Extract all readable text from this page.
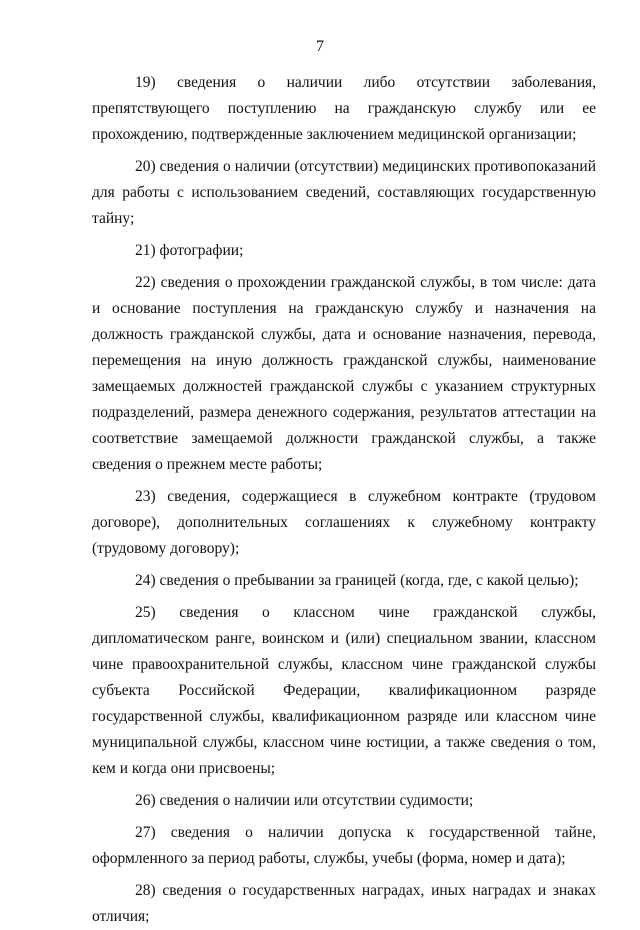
7

19) сведения о наличии либо отсутствии заболевания, препятствующего поступлению на гражданскую службу или ее прохождению, подтвержденные заключением медицинской организации;

20) сведения о наличии (отсутствии) медицинских противопоказаний для работы с использованием сведений, составляющих государственную тайну;

21) фотографии;

22) сведения о прохождении гражданской службы, в том числе: дата и основание поступления на гражданскую службу и назначения на должность гражданской службы, дата и основание назначения, перевода, перемещения на иную должность гражданской службы, наименование замещаемых должностей гражданской службы с указанием структурных подразделений, размера денежного содержания, результатов аттестации на соответствие замещаемой должности гражданской службы, а также сведения о прежнем месте работы;

23) сведения, содержащиеся в служебном контракте (трудовом договоре), дополнительных соглашениях к служебному контракту (трудовому договору);

24) сведения о пребывании за границей (когда, где, с какой целью);

25) сведения о классном чине гражданской службы, дипломатическом ранге, воинском и (или) специальном звании, классном чине правоохранительной службы, классном чине гражданской службы субъекта Российской Федерации, квалификационном разряде государственной службы, квалификационном разряде или классном чине муниципальной службы, классном чине юстиции, а также сведения о том, кем и когда они присвоены;

26) сведения о наличии или отсутствии судимости;

27) сведения о наличии допуска к государственной тайне, оформленного за период работы, службы, учебы (форма, номер и дата);

28) сведения о государственных наградах, иных наградах и знаках отличия;
